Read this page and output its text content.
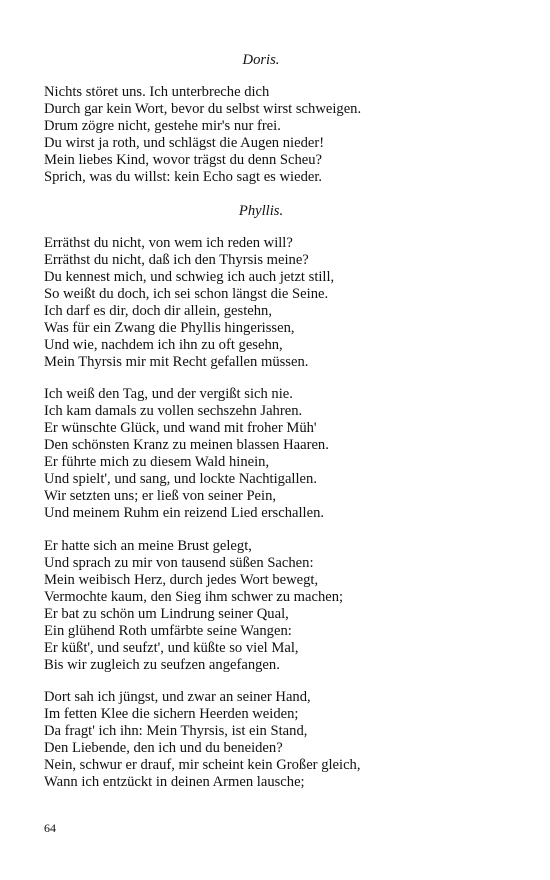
Doris.
Nichts störet uns. Ich unterbreche dich
Durch gar kein Wort, bevor du selbst wirst schweigen.
Drum zögre nicht, gestehe mir's nur frei.
Du wirst ja roth, und schlägst die Augen nieder!
Mein liebes Kind, wovor trägst du denn Scheu?
Sprich, was du willst: kein Echo sagt es wieder.
Phyllis.
Erräthst du nicht, von wem ich reden will?
Erräthst du nicht, daß ich den Thyrsis meine?
Du kennest mich, und schwieg ich auch jetzt still,
So weißt du doch, ich sei schon längst die Seine.
Ich darf es dir, doch dir allein, gestehn,
Was für ein Zwang die Phyllis hingerissen,
Und wie, nachdem ich ihn zu oft gesehn,
Mein Thyrsis mir mit Recht gefallen müssen.
Ich weiß den Tag, und der vergißt sich nie.
Ich kam damals zu vollen sechszehn Jahren.
Er wünschte Glück, und wand mit froher Müh'
Den schönsten Kranz zu meinen blassen Haaren.
Er führte mich zu diesem Wald hinein,
Und spielt', und sang, und lockte Nachtigallen.
Wir setzten uns; er ließ von seiner Pein,
Und meinem Ruhm ein reizend Lied erschallen.
Er hatte sich an meine Brust gelegt,
Und sprach zu mir von tausend süßen Sachen:
Mein weibisch Herz, durch jedes Wort bewegt,
Vermochte kaum, den Sieg ihm schwer zu machen;
Er bat zu schön um Lindrung seiner Qual,
Ein glühend Roth umfärbte seine Wangen:
Er küßt', und seufzt', und küßte so viel Mal,
Bis wir zugleich zu seufzen angefangen.
Dort sah ich jüngst, und zwar an seiner Hand,
Im fetten Klee die sichern Heerden weiden;
Da fragt' ich ihn: Mein Thyrsis, ist ein Stand,
Den Liebende, den ich und du beneiden?
Nein, schwur er drauf, mir scheint kein Großer gleich,
Wann ich entzückt in deinen Armen lausche;
64
